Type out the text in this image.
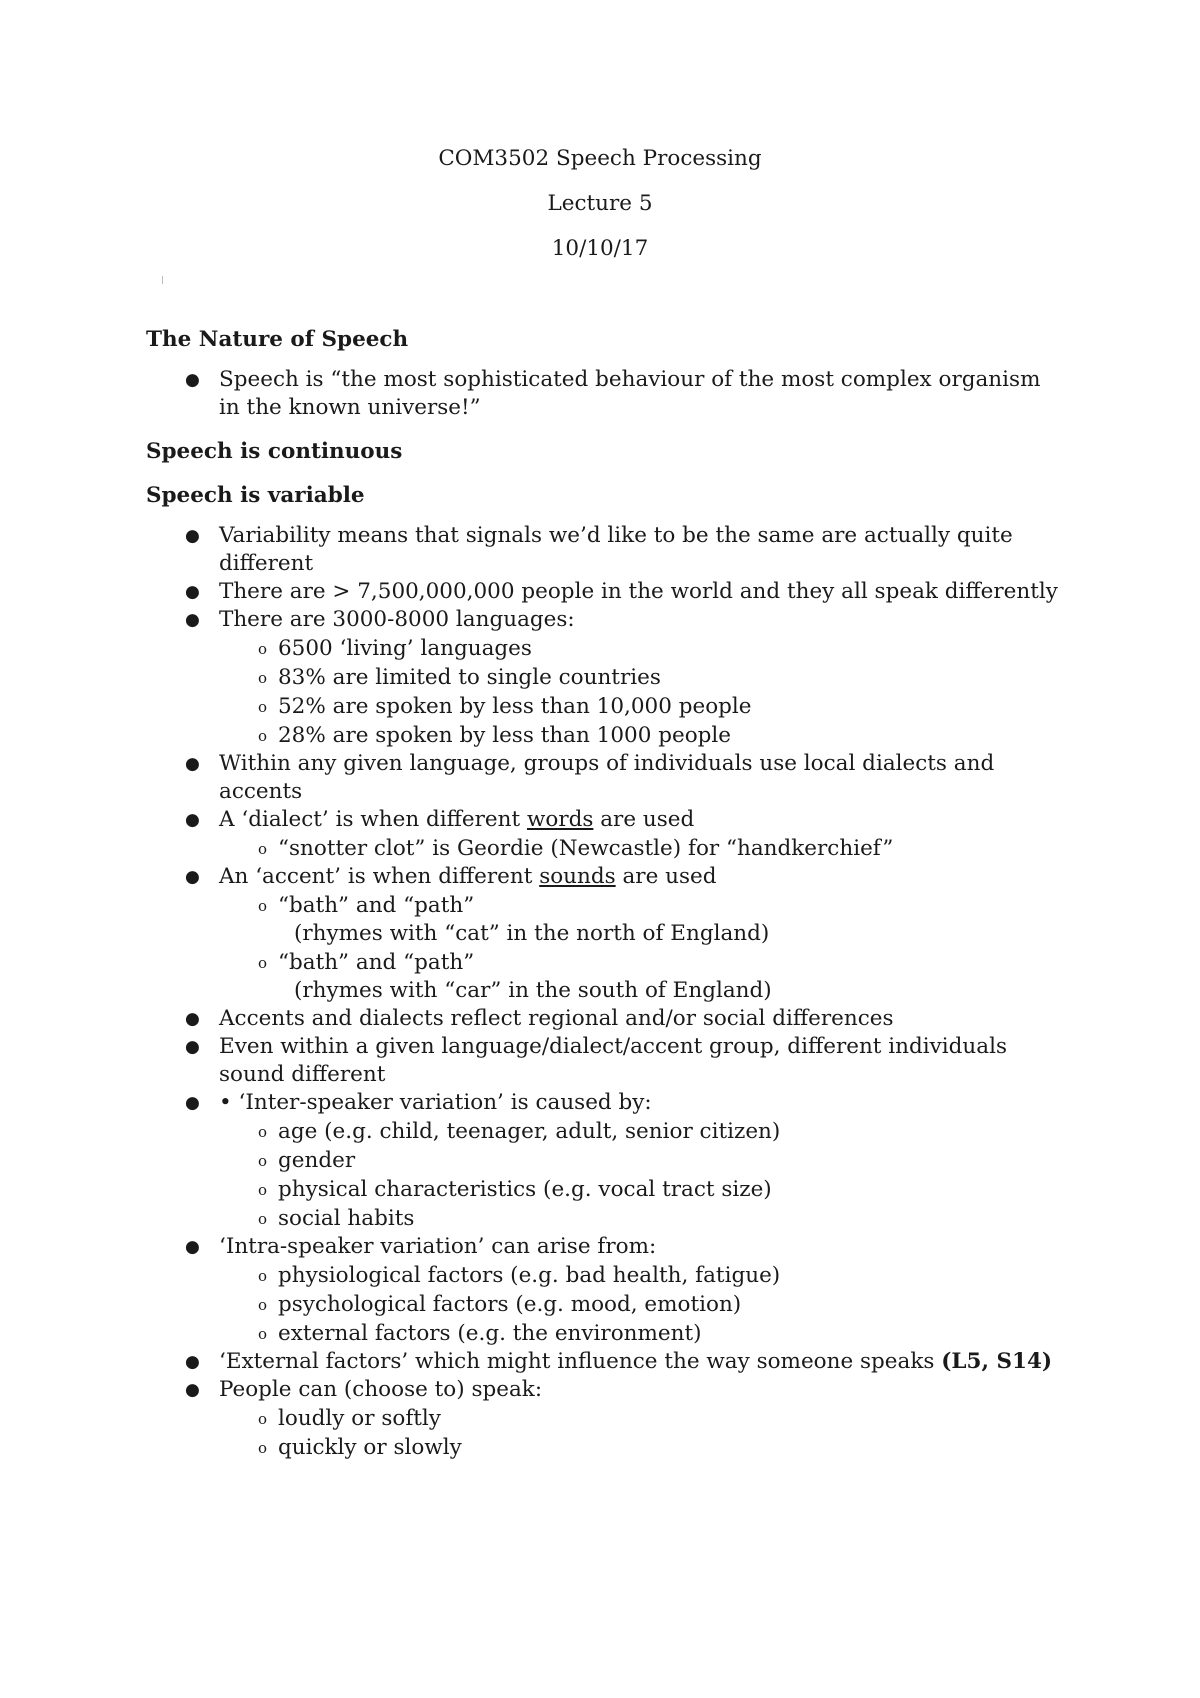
COM3502 Speech Processing
Lecture 5
10/10/17

The Nature of Speech

● Speech is “the most sophisticated behaviour of the most complex organism in the known universe!”

Speech is continuous

Speech is variable

● Variability means that signals we’d like to be the same are actually quite different
● There are > 7,500,000,000 people in the world and they all speak differently
● There are 3000-8000 languages:
o 6500 ‘living’ languages
o 83% are limited to single countries
o 52% are spoken by less than 10,000 people
o 28% are spoken by less than 1000 people
● Within any given language, groups of individuals use local dialects and accents
● A ‘dialect’ is when different words are used
o “snotter clot” is Geordie (Newcastle) for “handkerchief”
● An ‘accent’ is when different sounds are used
o “bath” and “path”
(rhymes with “cat” in the north of England)
o “bath” and “path”
(rhymes with “car” in the south of England)
● Accents and dialects reflect regional and/or social differences
● Even within a given language/dialect/accent group, different individuals sound different
● • ‘Inter-speaker variation’ is caused by:
o age (e.g. child, teenager, adult, senior citizen)
o gender
o physical characteristics (e.g. vocal tract size)
o social habits
● ‘Intra-speaker variation’ can arise from:
o physiological factors (e.g. bad health, fatigue)
o psychological factors (e.g. mood, emotion)
o external factors (e.g. the environment)
● ‘External factors’ which might influence the way someone speaks (L5, S14)
● People can (choose to) speak:
o loudly or softly
o quickly or slowly
